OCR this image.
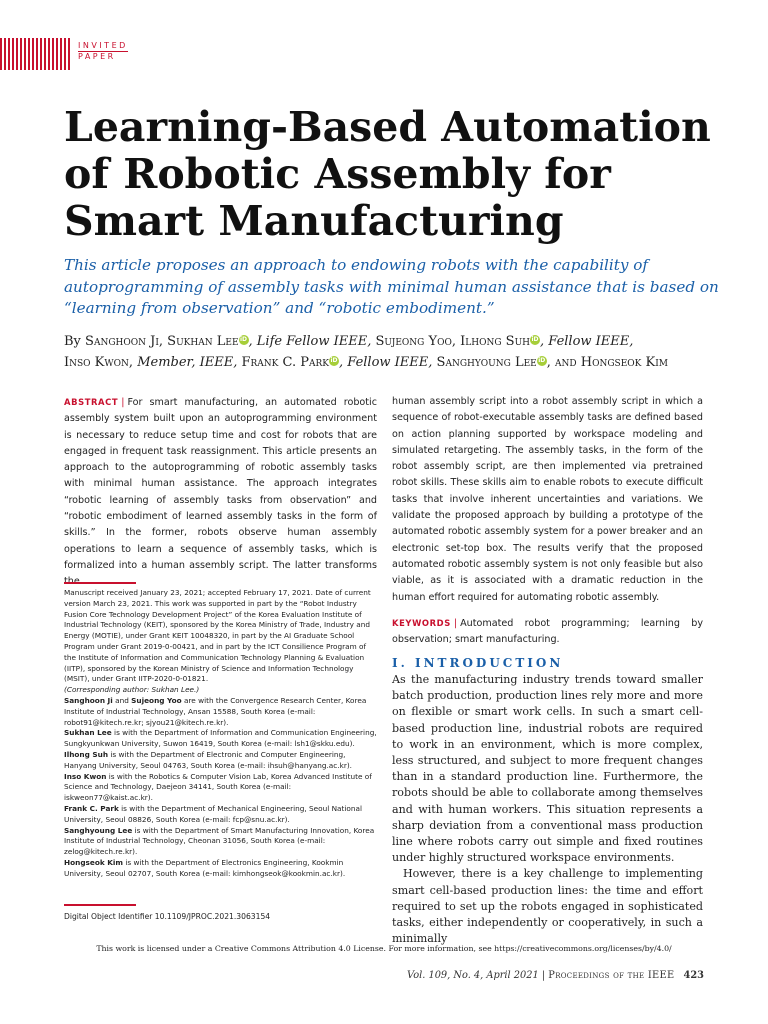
INVITED
PAPER
Learning-Based Automation of Robotic Assembly for Smart Manufacturing

This article proposes an approach to endowing robots with the capability of autoprogramming of assembly tasks with minimal human assistance that is based on “learning from observation” and “robotic embodiment.”

By Sanghoon Ji, Sukhan LeeiD, Life Fellow IEEE, Sujeong Yoo, Ilhong SuhiD, Fellow IEEE,
Inso Kwon, Member, IEEE, Frank C. ParkiD, Fellow IEEE, Sanghyoung LeeiD, and Hongseok Kim

ABSTRACT | For smart manufacturing, an automated robotic assembly system built upon an autoprogramming environment is necessary to reduce setup time and cost for robots that are engaged in frequent task reassignment. This article presents an approach to the autoprogramming of robotic assembly tasks with minimal human assistance. The approach integrates “robotic learning of assembly tasks from observation” and “robotic embodiment of learned assembly tasks in the form of skills.” In the former, robots observe human assembly operations to learn a sequence of assembly tasks, which is formalized into a human assembly script. The latter transforms the

human assembly script into a robot assembly script in which a sequence of robot-executable assembly tasks are defined based on action planning supported by workspace modeling and simulated retargeting. The assembly tasks, in the form of the robot assembly script, are then implemented via pretrained robot skills. These skills aim to enable robots to execute difficult tasks that involve inherent uncertainties and variations. We validate the proposed approach by building a prototype of the automated robotic assembly system for a power breaker and an electronic set-top box. The results verify that the proposed automated robotic assembly system is not only feasible but also viable, as it is associated with a dramatic reduction in the human effort required for automating robotic assembly.

KEYWORDS | Automated robot programming; learning by observation; smart manufacturing.

Manuscript received January 23, 2021; accepted February 17, 2021. Date of current version March 23, 2021. This work was supported in part by the “Robot Industry Fusion Core Technology Development Project” of the Korea Evaluation Institute of Industrial Technology (KEIT), sponsored by the Korea Ministry of Trade, Industry and Energy (MOTIE), under Grant KEIT 10048320, in part by the AI Graduate School Program under Grant 2019-0-00421, and in part by the ICT Consilience Program of the Institute of Information and Communication Technology Planning & Evaluation (IITP), sponsored by the Korean Ministry of Science and Information Technology (MSIT), under Grant IITP-2020-0-01821.

(Corresponding author: Sukhan Lee.)

Sanghoon Ji and Sujeong Yoo are with the Convergence Research Center, Korea Institute of Industrial Technology, Ansan 15588, South Korea (e-mail: robot91@kitech.re.kr; sjyou21@kitech.re.kr).

Sukhan Lee is with the Department of Information and Communication Engineering, Sungkyunkwan University, Suwon 16419, South Korea (e-mail: lsh1@skku.edu).

Ilhong Suh is with the Department of Electronic and Computer Engineering, Hanyang University, Seoul 04763, South Korea (e-mail: ihsuh@hanyang.ac.kr).

Inso Kwon is with the Robotics & Computer Vision Lab, Korea Advanced Institute of Science and Technology, Daejeon 34141, South Korea (e-mail: iskweon77@kaist.ac.kr).

Frank C. Park is with the Department of Mechanical Engineering, Seoul National University, Seoul 08826, South Korea (e-mail: fcp@snu.ac.kr).

Sanghyoung Lee is with the Department of Smart Manufacturing Innovation, Korea Institute of Industrial Technology, Cheonan 31056, South Korea (e-mail: zelog@kitech.re.kr).

Hongseok Kim is with the Department of Electronics Engineering, Kookmin University, Seoul 02707, South Korea (e-mail: kimhongseok@kookmin.ac.kr).

Digital Object Identifier 10.1109/JPROC.2021.3063154
I. INTRODUCTION

As the manufacturing industry trends toward smaller batch production, production lines rely more and more on flexible or smart work cells. In such a smart cell-based production line, industrial robots are required to work in an environment, which is more complex, less structured, and subject to more frequent changes than in a standard production line. Furthermore, the robots should be able to collaborate among themselves and with human workers. This situation represents a sharp deviation from a conventional mass production line where robots carry out simple and fixed routines under highly structured workspace environments.

However, there is a key challenge to implementing smart cell-based production lines: the time and effort required to set up the robots engaged in sophisticated tasks, either independently or cooperatively, in such a minimally

This work is licensed under a Creative Commons Attribution 4.0 License. For more information, see https://creativecommons.org/licenses/by/4.0/
Vol. 109, No. 4, April 2021 | Proceedings of the IEEE 423
